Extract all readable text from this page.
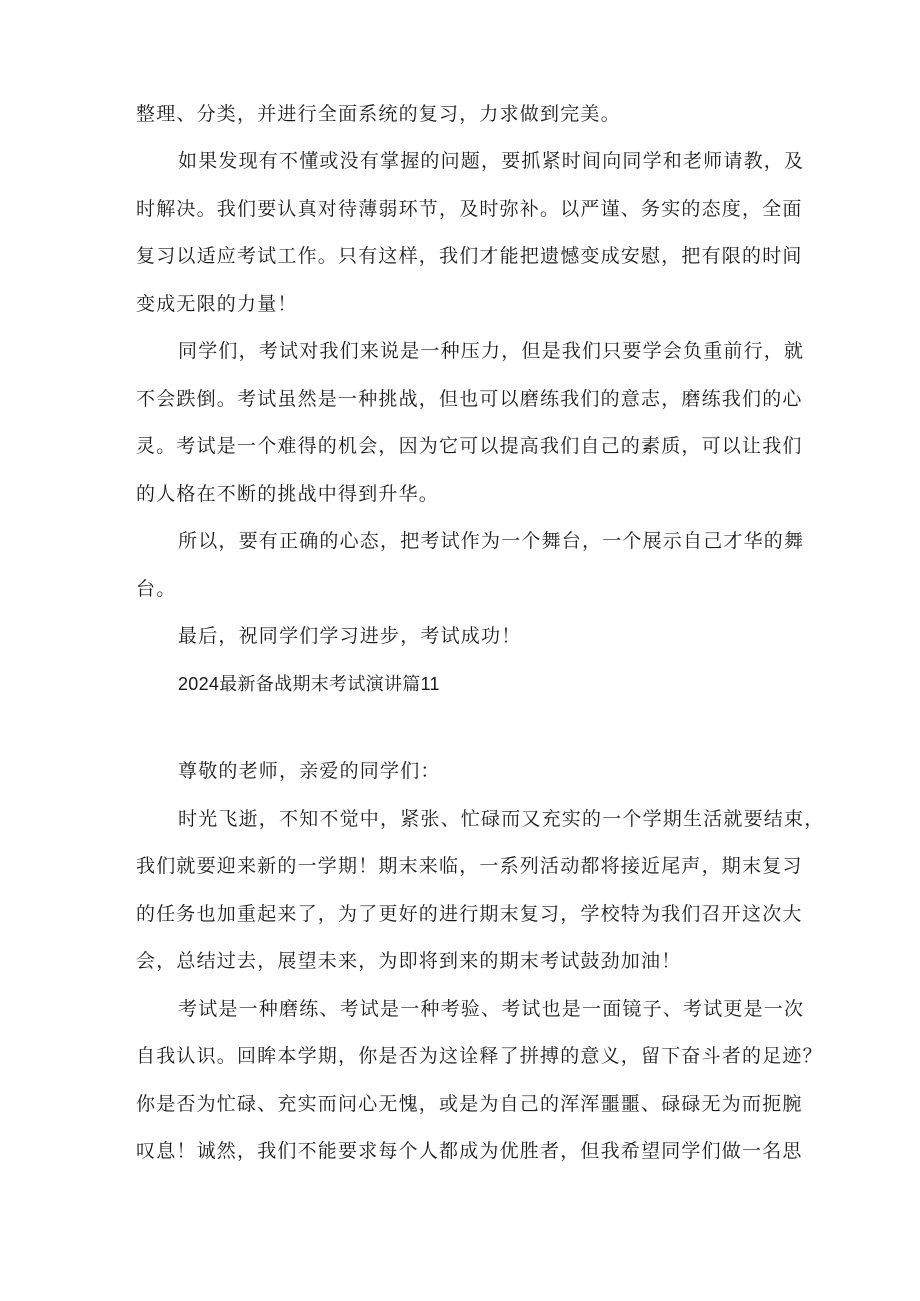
整理、分类，并进行全面系统的复习，力求做到完美。
如果发现有不懂或没有掌握的问题，要抓紧时间向同学和老师请教，及
时解决。我们要认真对待薄弱环节，及时弥补。以严谨、务实的态度，全面
复习以适应考试工作。只有这样，我们才能把遗憾变成安慰，把有限的时间
变成无限的力量！
同学们，考试对我们来说是一种压力，但是我们只要学会负重前行，就
不会跌倒。考试虽然是一种挑战，但也可以磨练我们的意志，磨练我们的心
灵。考试是一个难得的机会，因为它可以提高我们自己的素质，可以让我们
的人格在不断的挑战中得到升华。
所以，要有正确的心态，把考试作为一个舞台，一个展示自己才华的舞
台。
最后，祝同学们学习进步，考试成功！
2024最新备战期末考试演讲篇11
尊敬的老师，亲爱的同学们：
时光飞逝，不知不觉中，紧张、忙碌而又充实的一个学期生活就要结束，
我们就要迎来新的一学期！期末来临，一系列活动都将接近尾声，期末复习
的任务也加重起来了，为了更好的进行期末复习，学校特为我们召开这次大
会，总结过去，展望未来，为即将到来的期末考试鼓劲加油！
考试是一种磨练、考试是一种考验、考试也是一面镜子、考试更是一次
自我认识。回眸本学期，你是否为这诠释了拼搏的意义，留下奋斗者的足迹？
你是否为忙碌、充实而问心无愧，或是为自己的浑浑噩噩、碌碌无为而扼腕
叹息！诚然，我们不能要求每个人都成为优胜者，但我希望同学们做一名思
